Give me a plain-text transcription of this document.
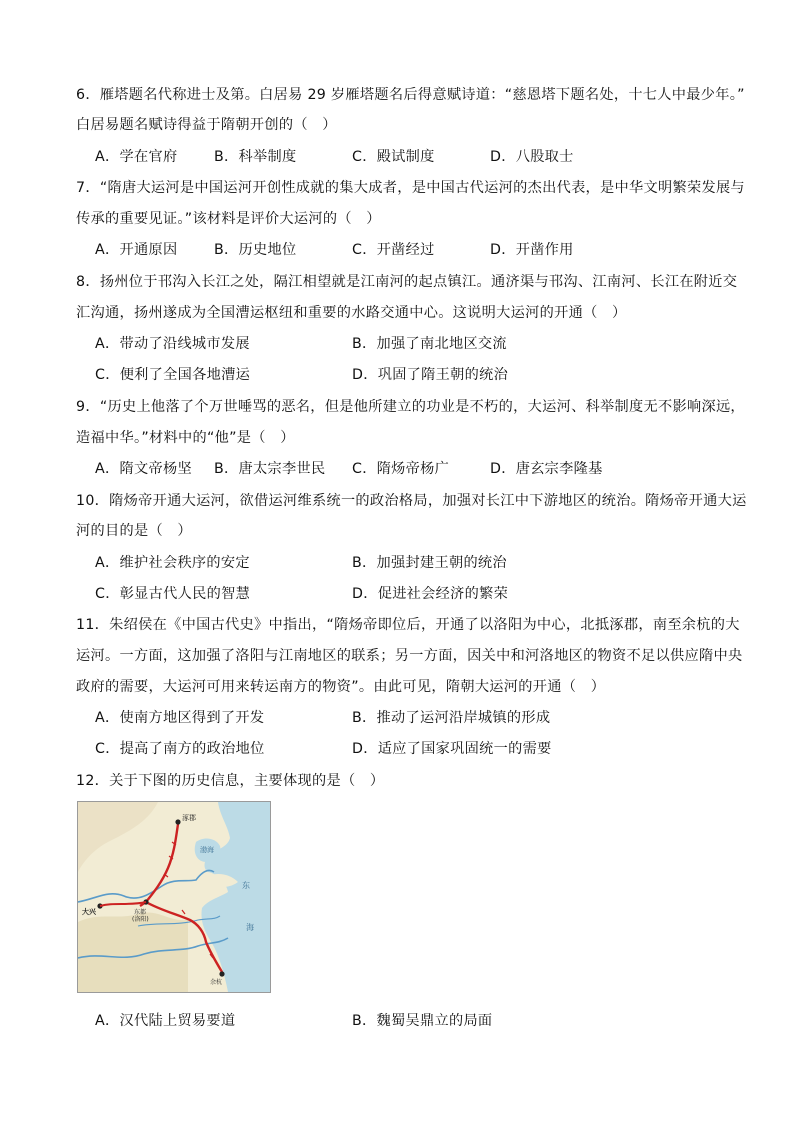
6．雁塔题名代称进士及第。白居易 29 岁雁塔题名后得意赋诗道：“慈恩塔下题名处，十七人中最少年。”
白居易题名赋诗得益于隋朝开创的（　）
A．学在官府	B．科举制度	C．殿试制度	D．八股取士
7．“隋唐大运河是中国运河开创性成就的集大成者，是中国古代运河的杰出代表，是中华文明繁荣发展与
传承的重要见证。”该材料是评价大运河的（　）
A．开通原因	B．历史地位	C．开凿经过	D．开凿作用
8．扬州位于邗沟入长江之处，隔江相望就是江南河的起点镇江。通济渠与邗沟、江南河、长江在附近交
汇沟通，扬州遂成为全国漕运枢纽和重要的水路交通中心。这说明大运河的开通（　）
A．带动了沿线城市发展	B．加强了南北地区交流
C．便利了全国各地漕运	D．巩固了隋王朝的统治
9．“历史上他落了个万世唾骂的恶名，但是他所建立的功业是不朽的，大运河、科举制度无不影响深远，
造福中华。”材料中的“他”是（　）
A．隋文帝杨坚 B．唐太宗李世民 C．隋炀帝杨广	D．唐玄宗李隆基
10．隋炀帝开通大运河，欲借运河维系统一的政治格局，加强对长江中下游地区的统治。隋炀帝开通大运
河的目的是（　）
A．维护社会秩序的安定	B．加强封建王朝的统治
C．彰显古代人民的智慧	D．促进社会经济的繁荣
11．朱绍侯在《中国古代史》中指出，“隋炀帝即位后，开通了以洛阳为中心，北抵涿郡，南至余杭的大
运河。一方面，这加强了洛阳与江南地区的联系；另一方面，因关中和河洛地区的物资不足以供应隋中央
政府的需要，大运河可用来转运南方的物资”。由此可见，隋朝大运河的开通（　）
A．使南方地区得到了开发	B．推动了运河沿岸城镇的形成
C．提高了南方的政治地位	D．适应了国家巩固统一的需要
12．关于下图的历史信息，主要体现的是（　）
涿郡
大兴	东都 (洛阳)
余杭
渤海
东
海
A．汉代陆上贸易要道	B．魏蜀吴鼎立的局面
